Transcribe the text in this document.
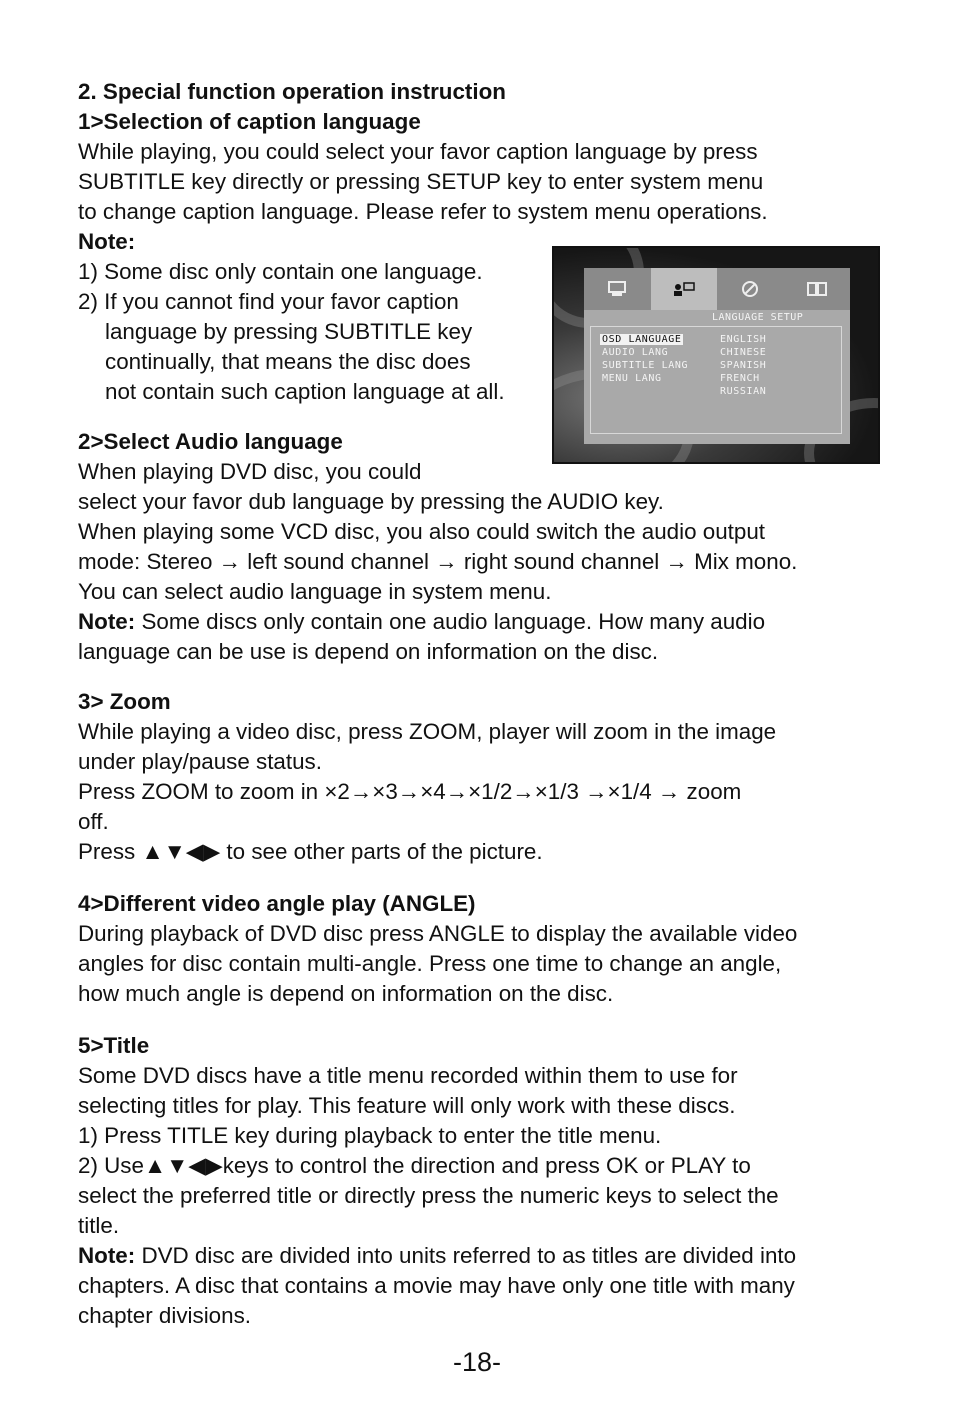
2. Special function operation instruction

1>Selection of caption language

While playing, you could select your favor caption language by press

SUBTITLE key directly or pressing SETUP key to enter system menu

to change caption language. Please refer to system menu operations.

Note:

1) Some disc only contain one language.

2) If you cannot find your favor caption

language by pressing SUBTITLE key

continually, that means the disc does

not contain such caption language at all.

2>Select Audio language

When playing DVD disc, you could

select your favor dub language by pressing the AUDIO key.

When playing some VCD disc, you also could switch the audio output

mode: Stereo → left sound channel → right sound channel → Mix mono.

You can select audio language in system menu.

Note: Some discs only contain one audio language. How many audio

language can be use is depend on information on the disc.

3> Zoom

While playing a video disc, press ZOOM, player will zoom in the image

under play/pause status.

Press ZOOM to zoom in ×2→×3→×4→×1/2→×1/3 →×1/4 → zoom

off.

Press ▲▼◀▶ to see other parts of the picture.

4>Different video angle play (ANGLE)

During playback of DVD disc press ANGLE to display the available video

angles for disc contain multi-angle. Press one time to change an angle,

how much angle is depend on information on the disc.

5>Title

Some DVD discs have a title menu recorded within them to use for

selecting titles for play. This feature will only work with these discs.

1) Press TITLE key during playback to enter the title menu.

2) Use▲▼◀▶keys to control the direction and press OK or PLAY to

select the preferred title or directly press the numeric keys to select the

title.

Note: DVD disc are divided into units referred to as titles are divided into

chapters. A disc that contains a movie may have only one title with many

chapter divisions.

LANGUAGE SETUP
OSD LANGUAGE
AUDIO LANG
SUBTITLE LANG
MENU LANG
ENGLISH
CHINESE
SPANISH
FRENCH
RUSSIAN
-18-
